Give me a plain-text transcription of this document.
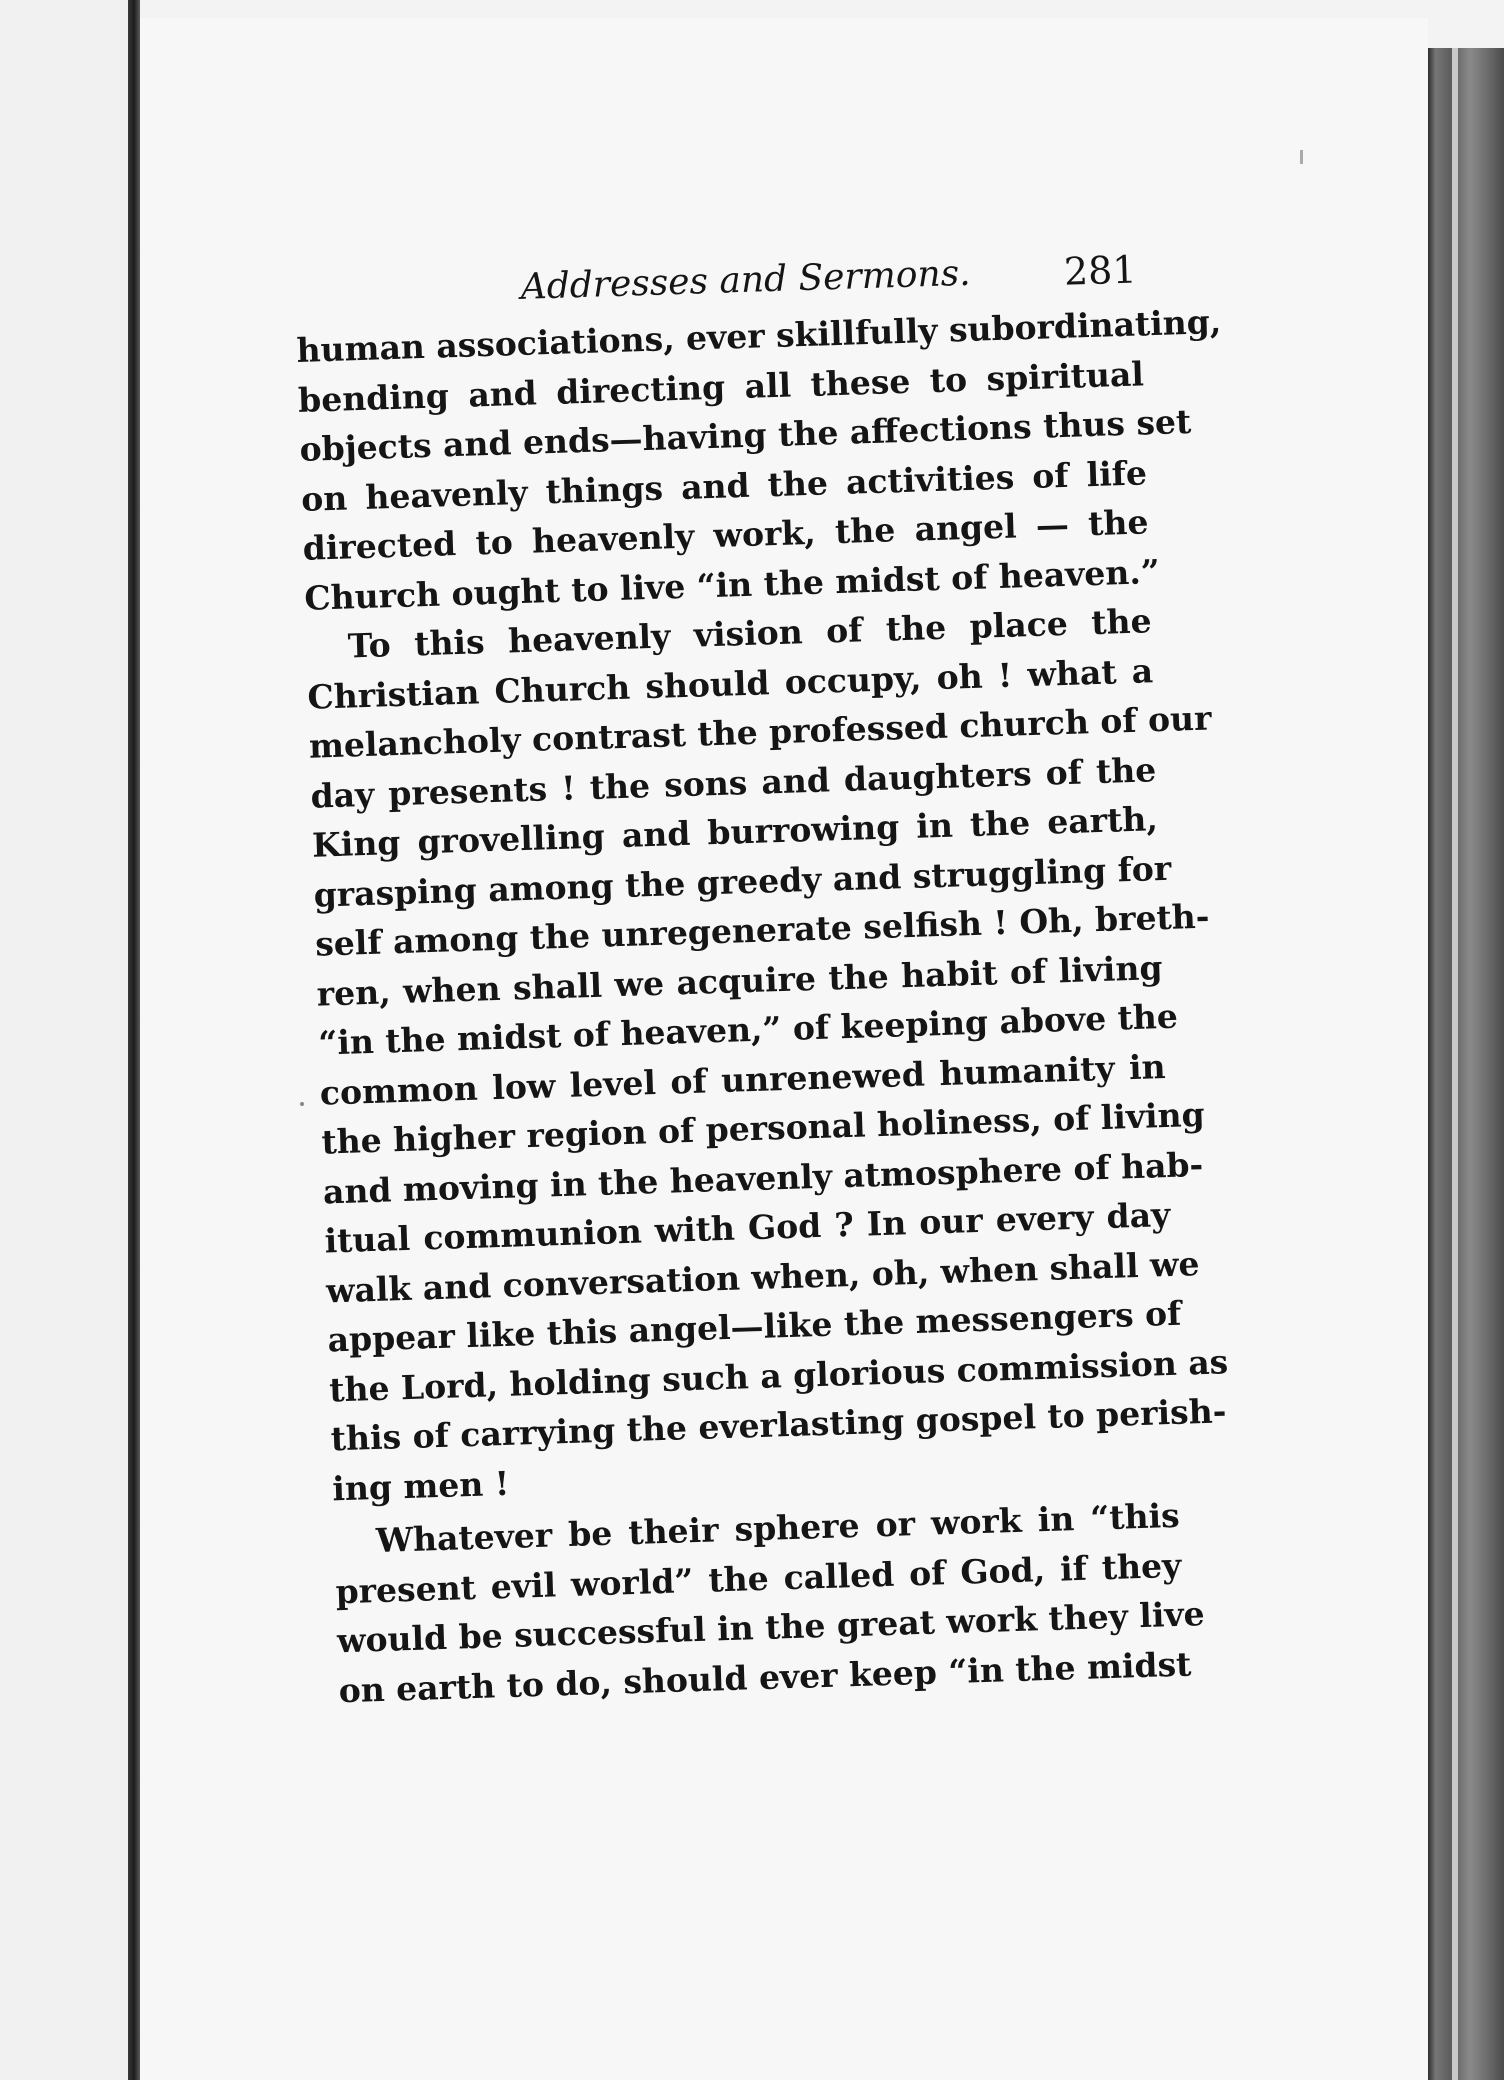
Addresses and Sermons. 281
human associations, ever skillfully subordinating,
bending and directing all these to spiritual
objects and ends—having the affections thus set
on heavenly things and the activities of life
directed to heavenly work, the angel — the
Church ought to live “in the midst of heaven.”
To this heavenly vision of the place the
Christian Church should occupy, oh ! what a
melancholy contrast the professed church of our
day presents ! the sons and daughters of the
King grovelling and burrowing in the earth,
grasping among the greedy and struggling for
self among the unregenerate selfish ! Oh, breth-
ren, when shall we acquire the habit of living
“in the midst of heaven,” of keeping above the
common low level of unrenewed humanity in
the higher region of personal holiness, of living
and moving in the heavenly atmosphere of hab-
itual communion with God ? In our every day
walk and conversation when, oh, when shall we
appear like this angel—like the messengers of
the Lord, holding such a glorious commission as
this of carrying the everlasting gospel to perish-
ing men !
Whatever be their sphere or work in “this
present evil world” the called of God, if they
would be successful in the great work they live
on earth to do, should ever keep “in the midst
